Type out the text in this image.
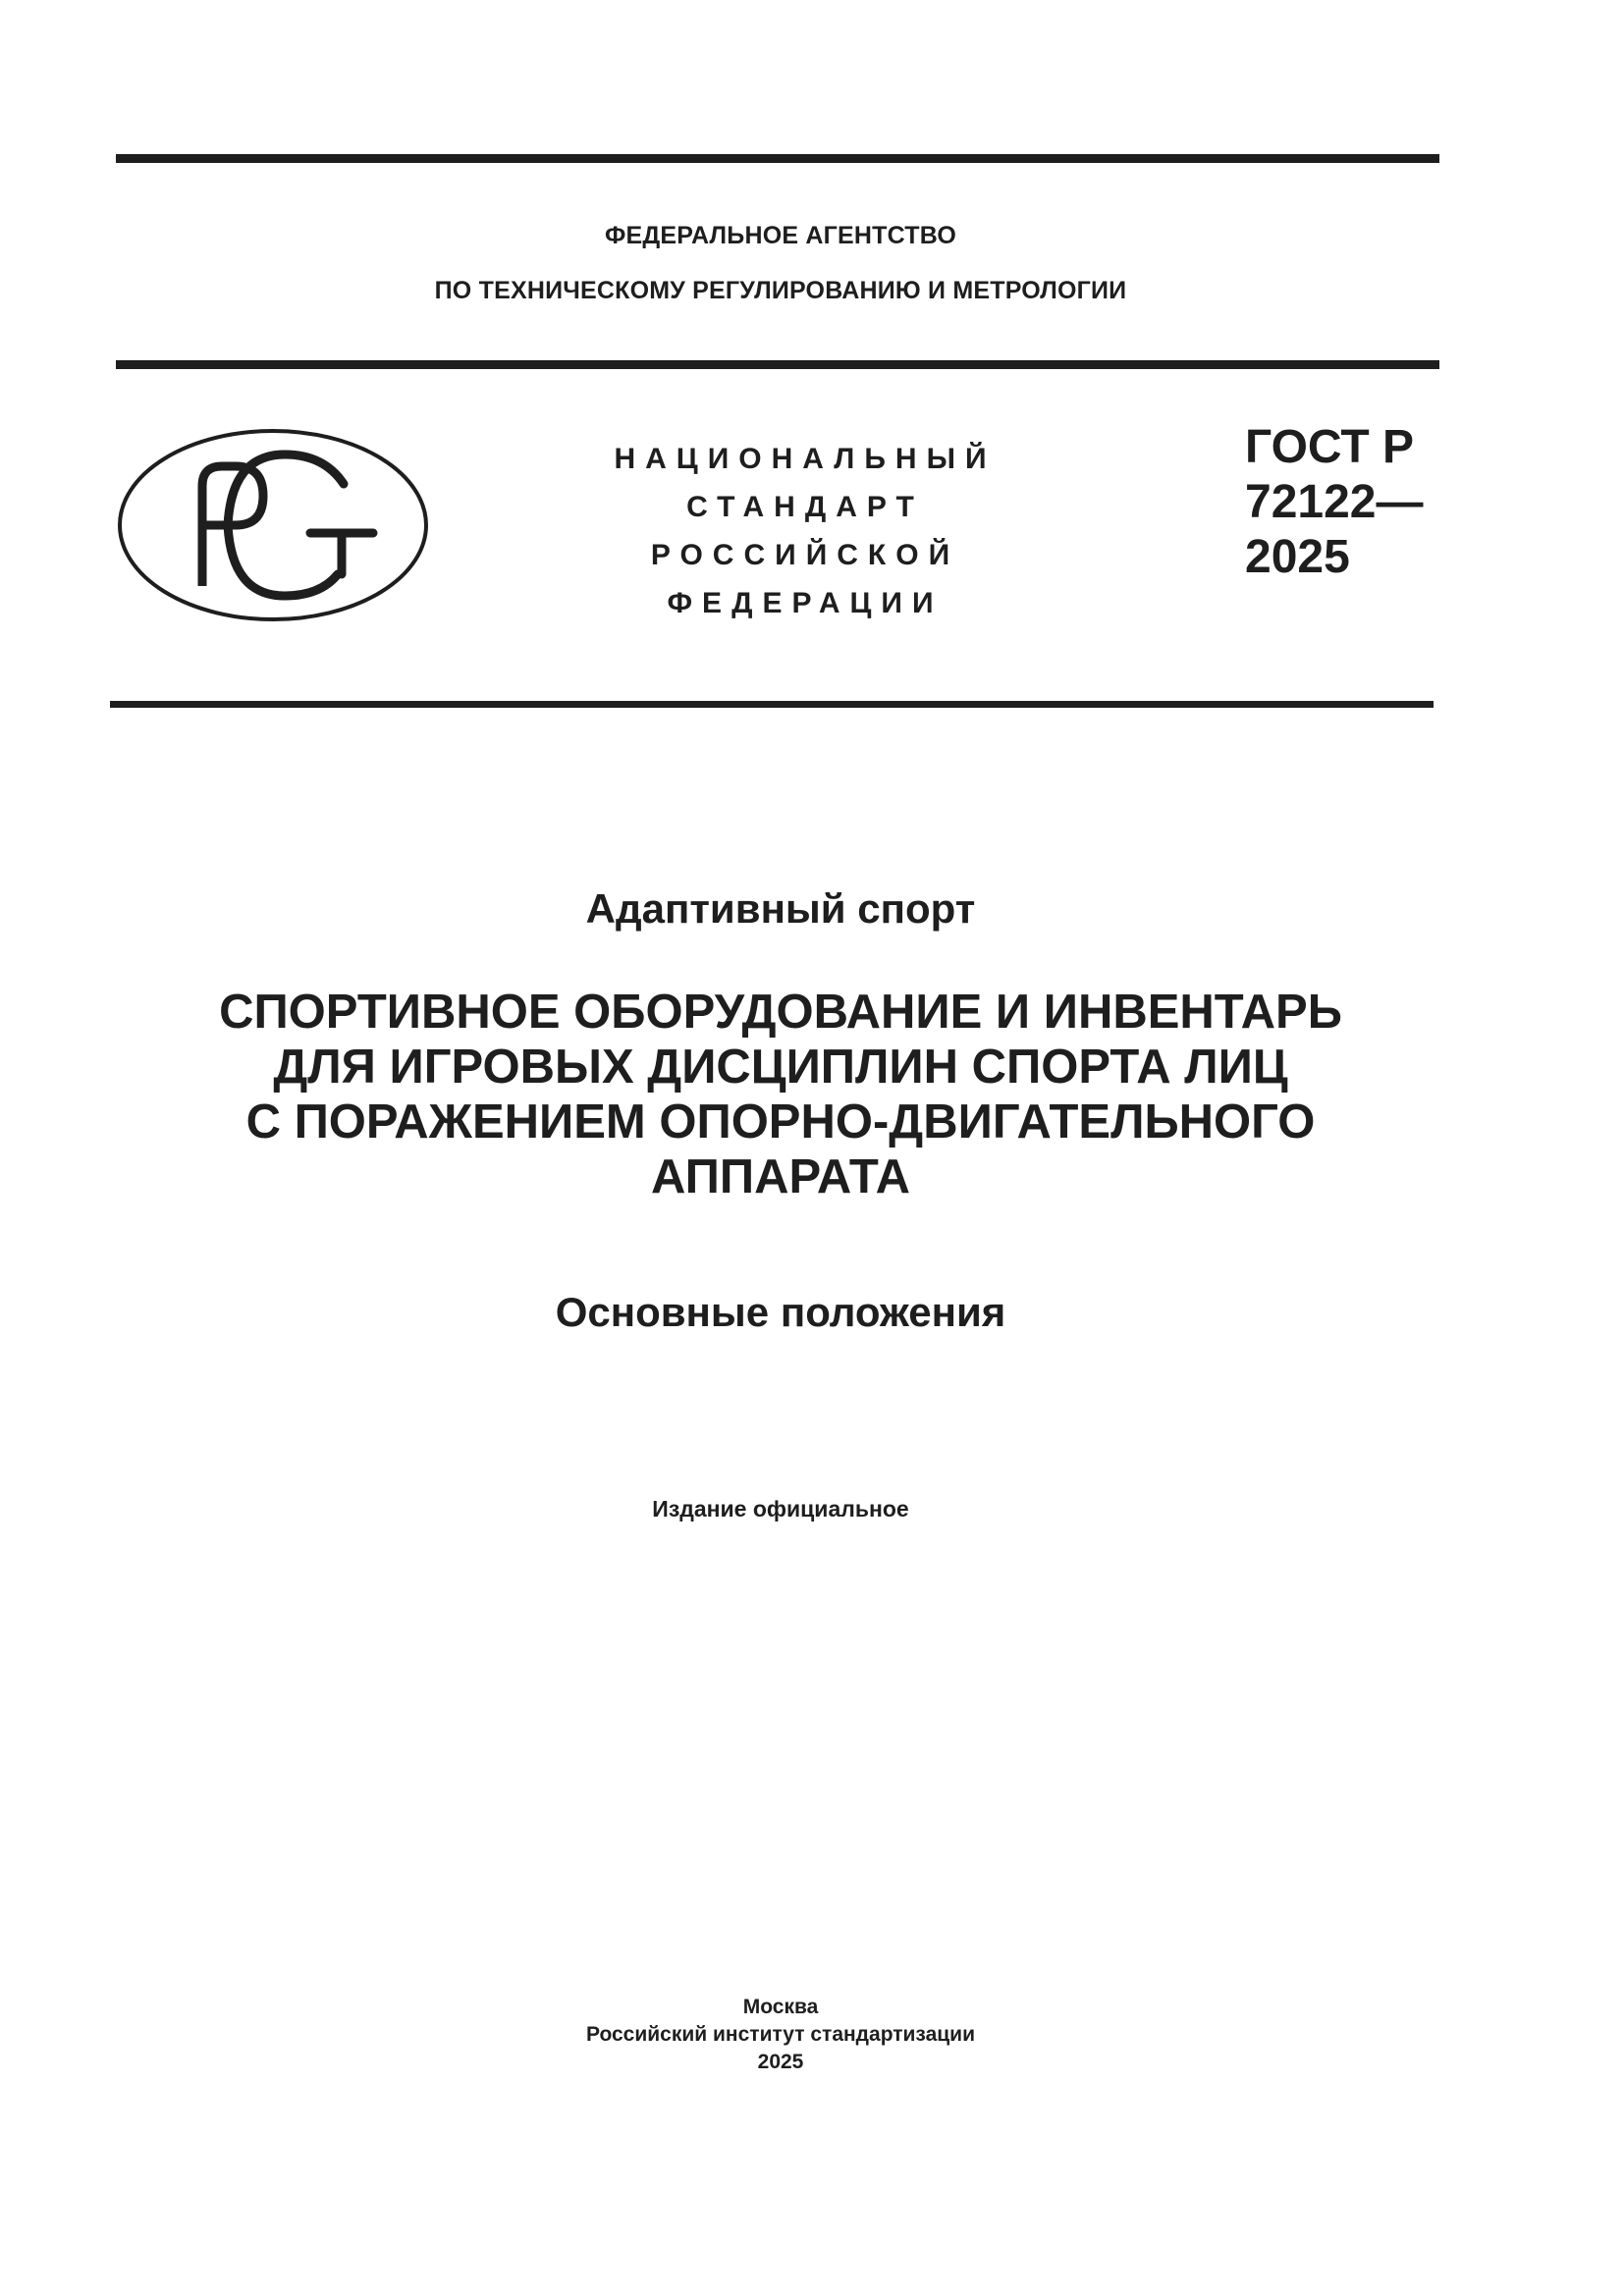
ФЕДЕРАЛЬНОЕ АГЕНТСТВО
ПО ТЕХНИЧЕСКОМУ РЕГУЛИРОВАНИЮ И МЕТРОЛОГИИ
НАЦИОНАЛЬНЫЙ
СТАНДАРТ
РОССИЙСКОЙ
ФЕДЕРАЦИИ
ГОСТ Р
72122—
2025
Адаптивный спорт
СПОРТИВНОЕ ОБОРУДОВАНИЕ И ИНВЕНТАРЬ
ДЛЯ ИГРОВЫХ ДИСЦИПЛИН СПОРТА ЛИЦ
С ПОРАЖЕНИЕМ ОПОРНО-ДВИГАТЕЛЬНОГО
АППАРАТА
Основные положения
Издание официальное
Москва
Российский институт стандартизации
2025
